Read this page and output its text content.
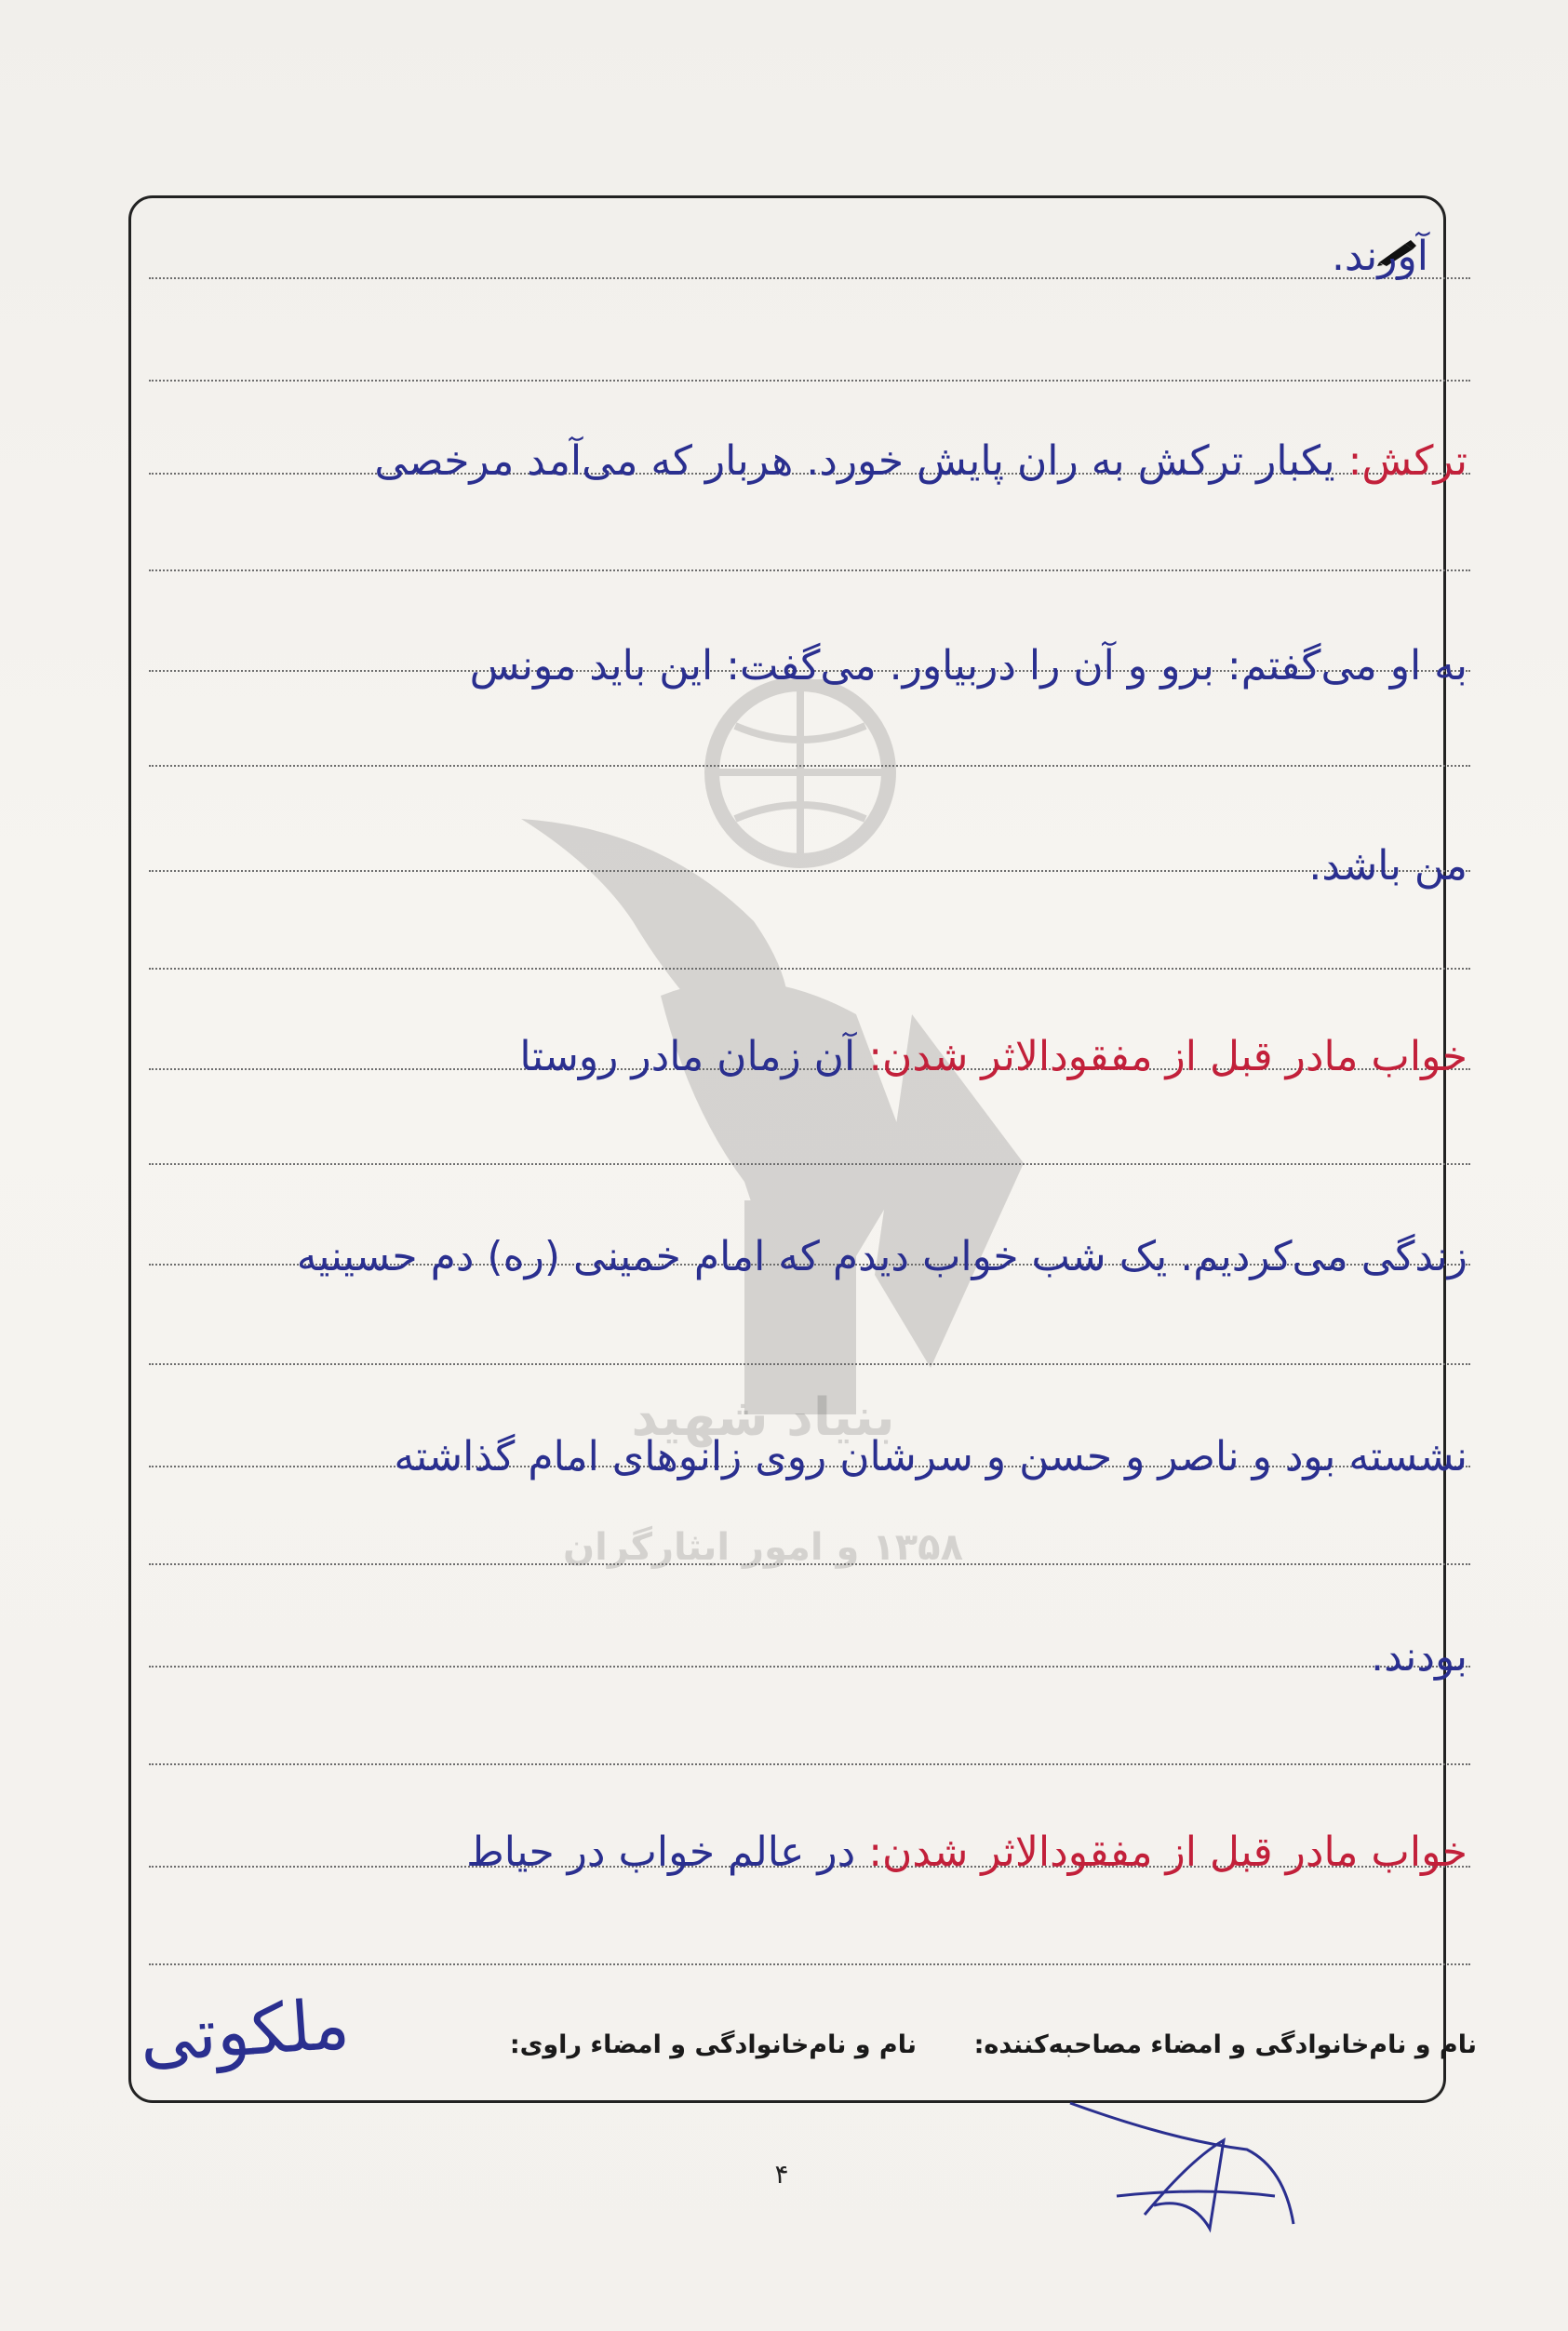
بنیاد شهید
۱۳۵۸ و امور ایثارگران
آورند.
ترکش: یکبار ترکش به ران پایش خورد. هربار که می‌آمد مرخصی
به او می‌گفتم: برو و آن را دربیاور. می‌گفت: این باید مونس
من باشد.
خواب مادر قبل از مفقودالاثر شدن: آن زمان مادر روستا
زندگی می‌کردیم. یک شب خواب دیدم که امام خمینی (ره) دم حسینیه
نشسته بود و ناصر و حسن و سرشان روی زانوهای امام گذاشته
بودند.
خواب مادر قبل از مفقودالاثر شدن: در عالم خواب در حیاط
نام و نام‌خانوادگی و امضاء مصاحبه‌کننده:
نام و نام‌خانوادگی و امضاء راوی:
ملکوتی
۴
